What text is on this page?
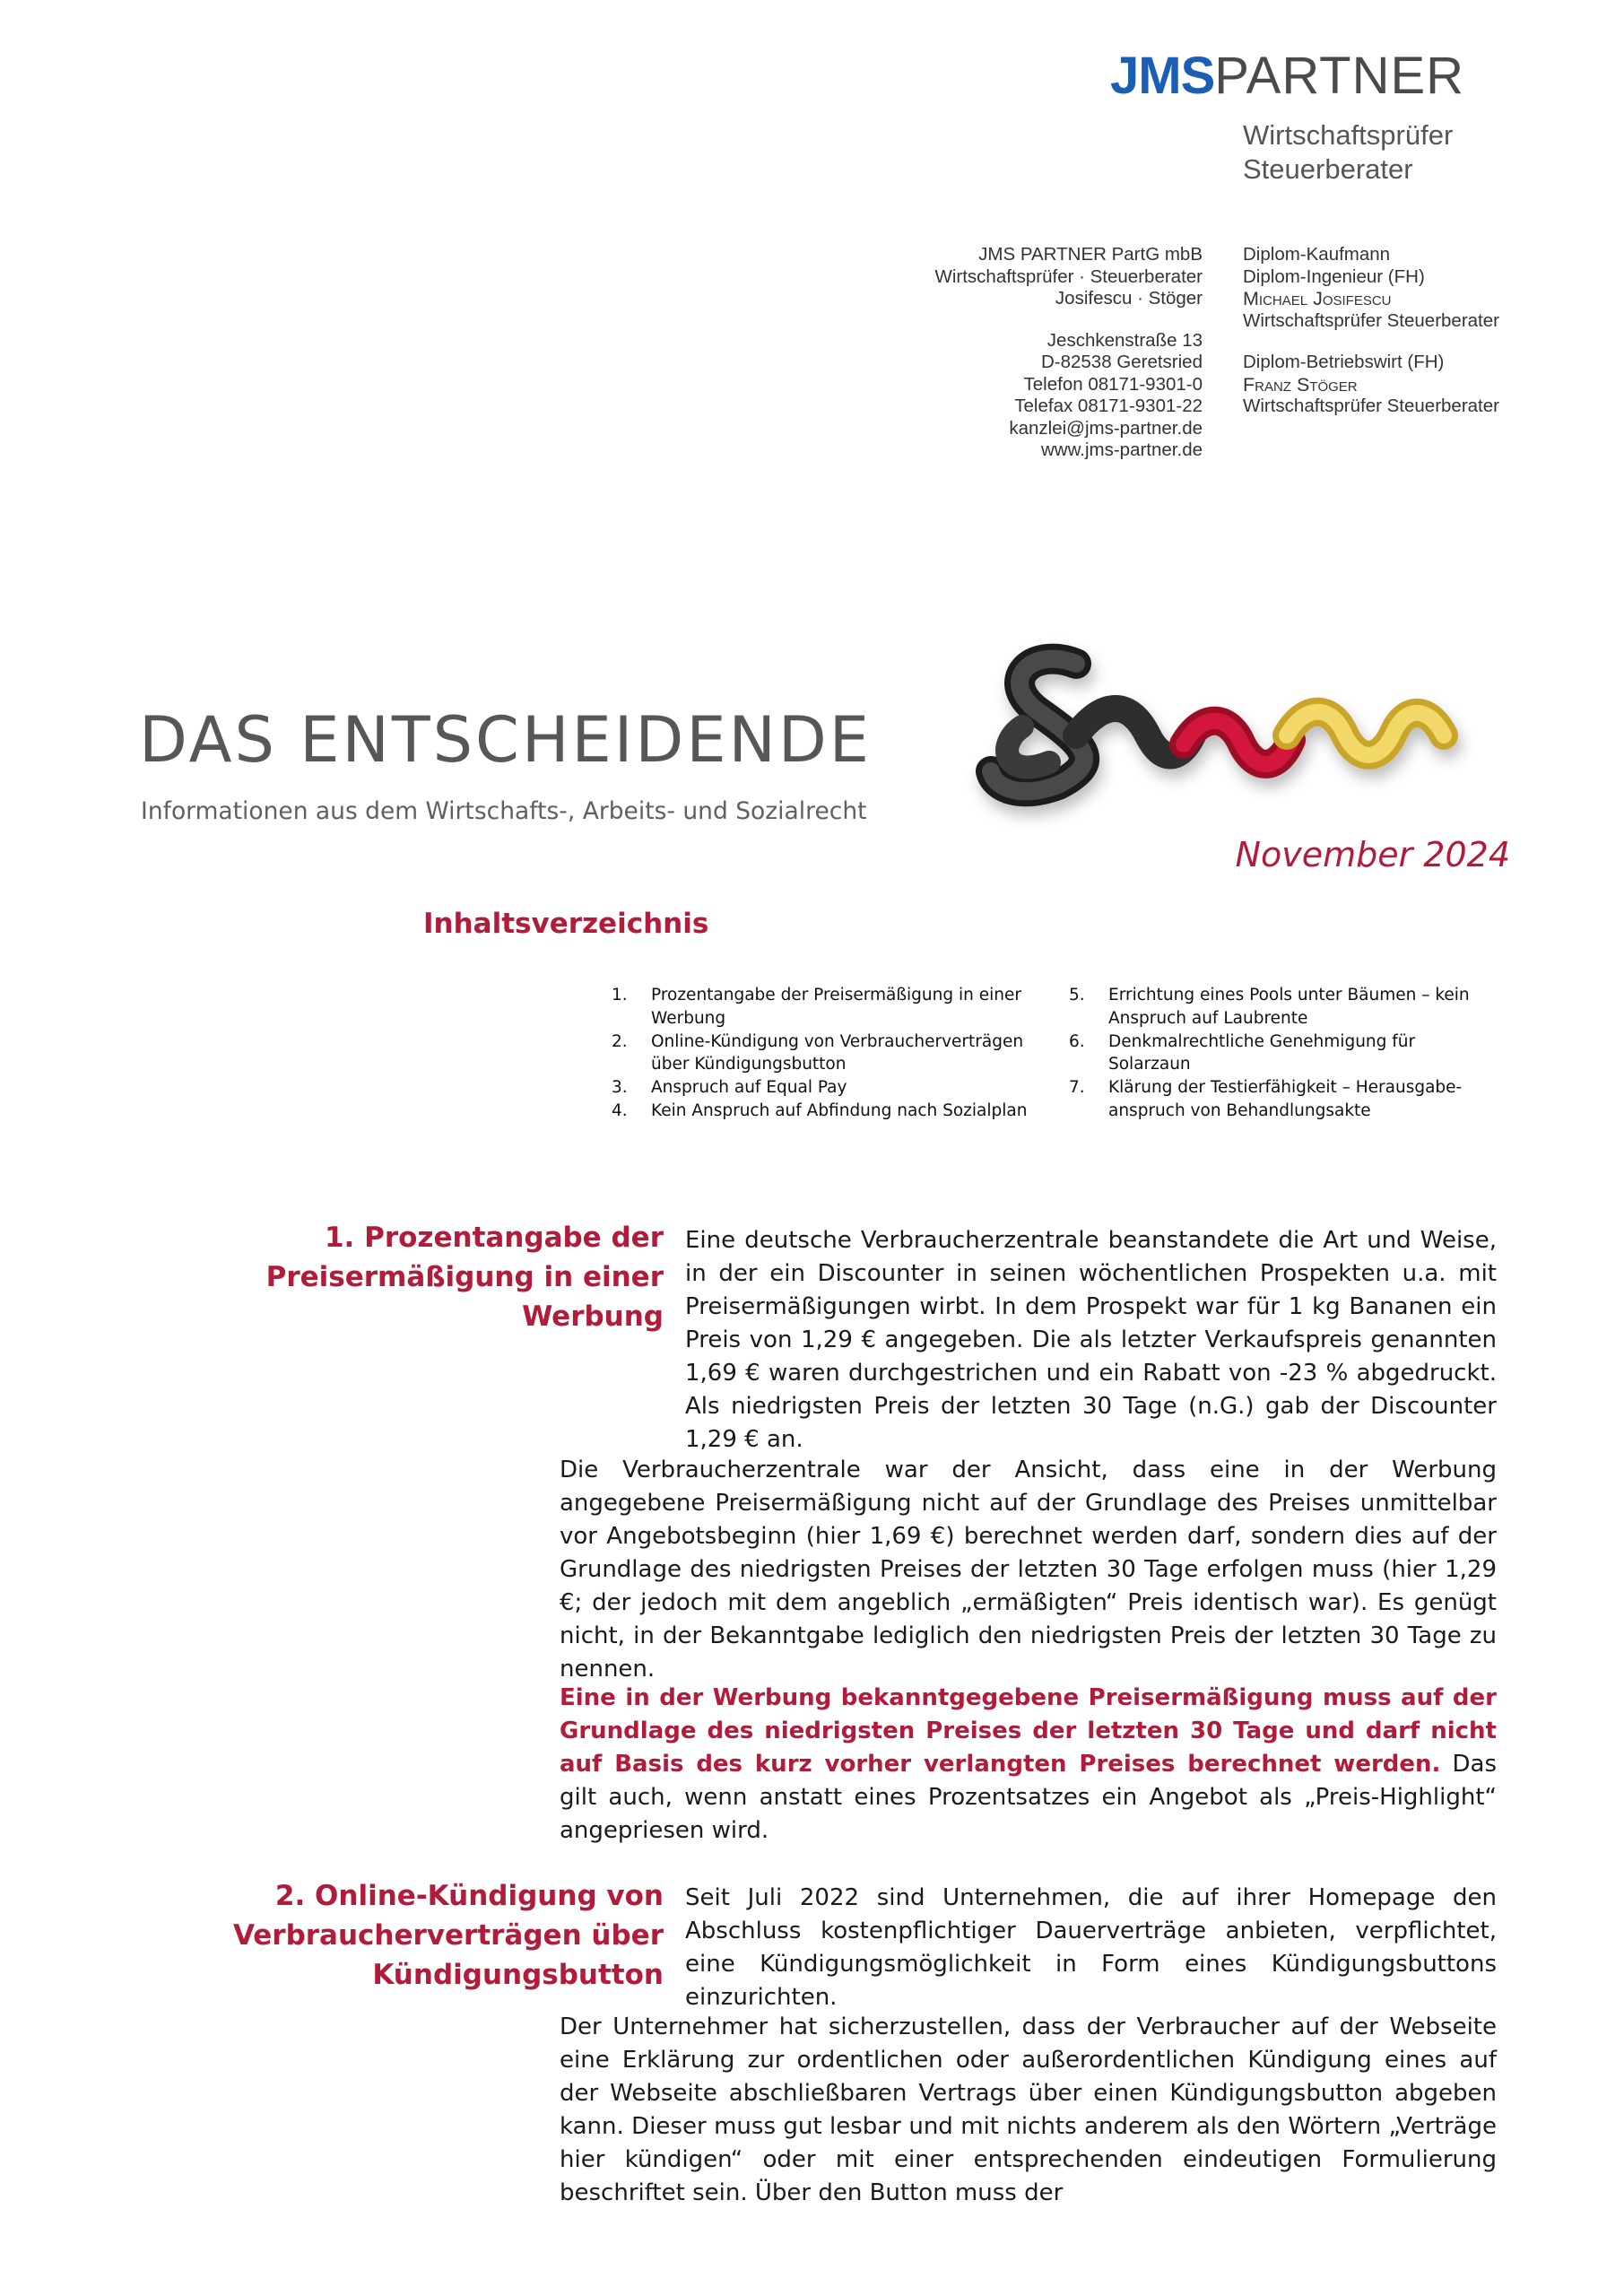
JMSPARTNER
Wirtschaftsprüfer
Steuerberater
JMS PARTNER PartG mbB
Wirtschaftsprüfer · Steuerberater
Josifescu · Stöger
Jeschkenstraße 13
D-82538 Geretsried
Telefon 08171-9301-0
Telefax 08171-9301-22
kanzlei@jms-partner.de
www.jms-partner.de
Diplom-Kaufmann
Diplom-Ingenieur (FH)
Michael Josifescu
Wirtschaftsprüfer Steuerberater
Diplom-Betriebswirt (FH)
Franz Stöger
Wirtschaftsprüfer Steuerberater
DAS ENTSCHEIDENDE
Informationen aus dem Wirtschafts-, Arbeits- und Sozialrecht
November 2024
Inhaltsverzeichnis
1.	Prozentangabe der Preisermäßigung in einer Werbung
2.	Online-Kündigung von Verbraucherverträgen über Kündigungsbutton
3.	Anspruch auf Equal Pay
4.	Kein Anspruch auf Abfindung nach Sozialplan
5.	Errichtung eines Pools unter Bäumen – kein Anspruch auf Laubrente
6.	Denkmalrechtliche Genehmigung für Solarzaun
7.	Klärung der Testierfähigkeit – Herausgabe-anspruch von Behandlungsakte
1. Prozentangabe der Preisermäßigung in einer Werbung

Eine deutsche Verbraucherzentrale beanstandete die Art und Weise, in der ein Discounter in seinen wöchentlichen Prospekten u.a. mit Preisermäßigungen wirbt. In dem Prospekt war für 1 kg Bananen ein Preis von 1,29 € angegeben. Die als letzter Verkaufspreis genannten 1,69 € waren durchgestrichen und ein Rabatt von -23 % abgedruckt. Als niedrigsten Preis der letzten 30 Tage (n.G.) gab der Discounter 1,29 € an.

Die Verbraucherzentrale war der Ansicht, dass eine in der Werbung angegebene Preisermäßigung nicht auf der Grundlage des Preises unmittelbar vor Angebotsbeginn (hier 1,69 €) berechnet werden darf, sondern dies auf der Grundlage des niedrigsten Preises der letzten 30 Tage erfolgen muss (hier 1,29 €; der jedoch mit dem angeblich „ermäßigten“ Preis identisch war). Es genügt nicht, in der Bekanntgabe lediglich den niedrigsten Preis der letzten 30 Tage zu nennen.

Eine in der Werbung bekanntgegebene Preisermäßigung muss auf der Grundlage des niedrigsten Preises der letzten 30 Tage und darf nicht auf Basis des kurz vorher verlangten Preises berechnet werden. Das gilt auch, wenn anstatt eines Prozentsatzes ein Angebot als „Preis-Highlight“ angepriesen wird.

2. Online-Kündigung von Verbraucherverträgen über Kündigungsbutton

Seit Juli 2022 sind Unternehmen, die auf ihrer Homepage den Abschluss kostenpflichtiger Dauerverträge anbieten, verpflichtet, eine Kündigungsmöglichkeit in Form eines Kündigungsbuttons einzurichten.

Der Unternehmer hat sicherzustellen, dass der Verbraucher auf der Webseite eine Erklärung zur ordentlichen oder außerordentlichen Kündigung eines auf der Webseite abschließbaren Vertrags über einen Kündigungsbutton abgeben kann. Dieser muss gut lesbar und mit nichts anderem als den Wörtern „Verträge hier kündigen“ oder mit einer entsprechenden eindeutigen Formulierung beschriftet sein. Über den Button muss der
